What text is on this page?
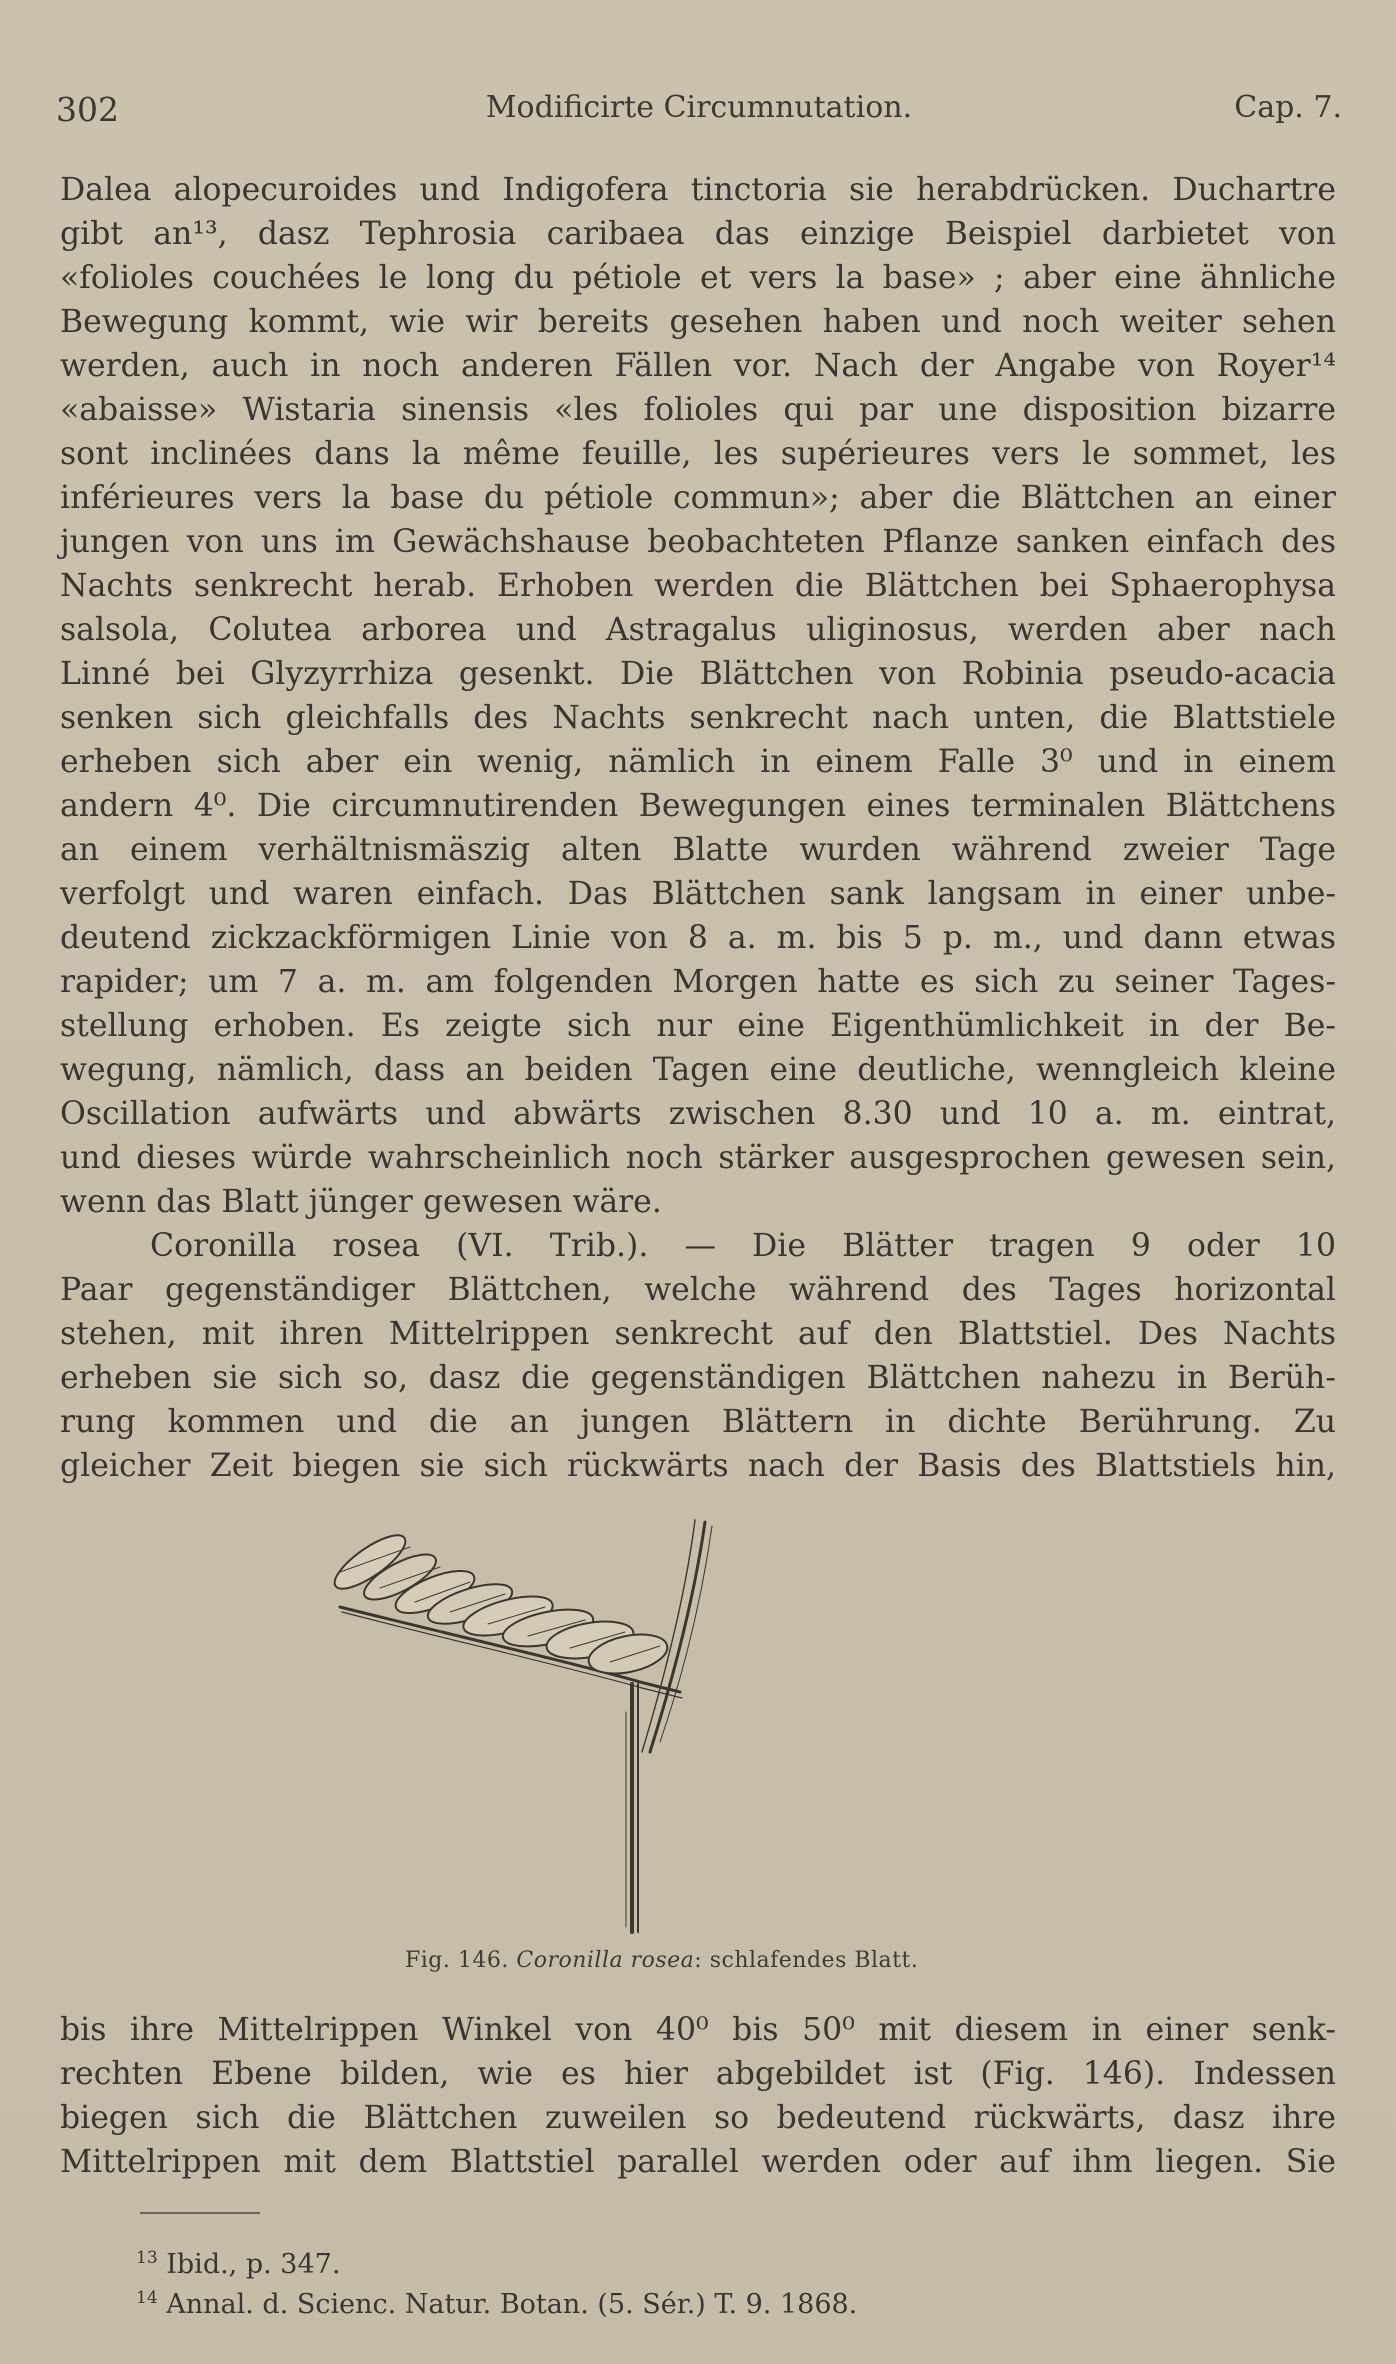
302	Modificirte Circumnutation.	Cap. 7.
Dalea alopecuroides und Indigofera tinctoria sie herabdrücken. Duchartre
gibt an¹³, dasz Tephrosia caribaea das einzige Beispiel darbietet von
«folioles couchées le long du pétiole et vers la base» ; aber eine ähnliche
Bewegung kommt, wie wir bereits gesehen haben und noch weiter sehen
werden, auch in noch anderen Fällen vor. Nach der Angabe von Royer¹⁴
«abaisse» Wistaria sinensis «les folioles qui par une disposition bizarre
sont inclinées dans la même feuille, les supérieures vers le sommet, les
inférieures vers la base du pétiole commun»; aber die Blättchen an einer
jungen von uns im Gewächshause beobachteten Pflanze sanken einfach des
Nachts senkrecht herab. Erhoben werden die Blättchen bei Sphaerophysa
salsola, Colutea arborea und Astragalus uliginosus, werden aber nach
Linné bei Glyzyrrhiza gesenkt. Die Blättchen von Robinia pseudo-acacia
senken sich gleichfalls des Nachts senkrecht nach unten, die Blattstiele
erheben sich aber ein wenig, nämlich in einem Falle 3⁰ und in einem
andern 4⁰. Die circumnutirenden Bewegungen eines terminalen Blättchens
an einem verhältnismäszig alten Blatte wurden während zweier Tage
verfolgt und waren einfach. Das Blättchen sank langsam in einer unbe-
deutend zickzackförmigen Linie von 8 a. m. bis 5 p. m., und dann etwas
rapider; um 7 a. m. am folgenden Morgen hatte es sich zu seiner Tages-
stellung erhoben. Es zeigte sich nur eine Eigenthümlichkeit in der Be-
wegung, nämlich, dass an beiden Tagen eine deutliche, wenngleich kleine
Oscillation aufwärts und abwärts zwischen 8.30 und 10 a. m. eintrat,
und dieses würde wahrscheinlich noch stärker ausgesprochen gewesen sein,
wenn das Blatt jünger gewesen wäre.
Coronilla rosea (VI. Trib.). — Die Blätter tragen 9 oder 10
Paar gegenständiger Blättchen, welche während des Tages horizontal
stehen, mit ihren Mittelrippen senkrecht auf den Blattstiel. Des Nachts
erheben sie sich so, dasz die gegenständigen Blättchen nahezu in Berüh-
rung kommen und die an jungen Blättern in dichte Berührung. Zu
gleicher Zeit biegen sie sich rückwärts nach der Basis des Blattstiels hin,
Fig. 146. Coronilla rosea: schlafendes Blatt.
bis ihre Mittelrippen Winkel von 40⁰ bis 50⁰ mit diesem in einer senk-
rechten Ebene bilden, wie es hier abgebildet ist (Fig. 146). Indessen
biegen sich die Blättchen zuweilen so bedeutend rückwärts, dasz ihre
Mittelrippen mit dem Blattstiel parallel werden oder auf ihm liegen. Sie
$^{13}$ Ibid., p. 347.
$^{14}$ Annal. d. Scienc. Natur. Botan. (5. Sér.) T. 9. 1868.
